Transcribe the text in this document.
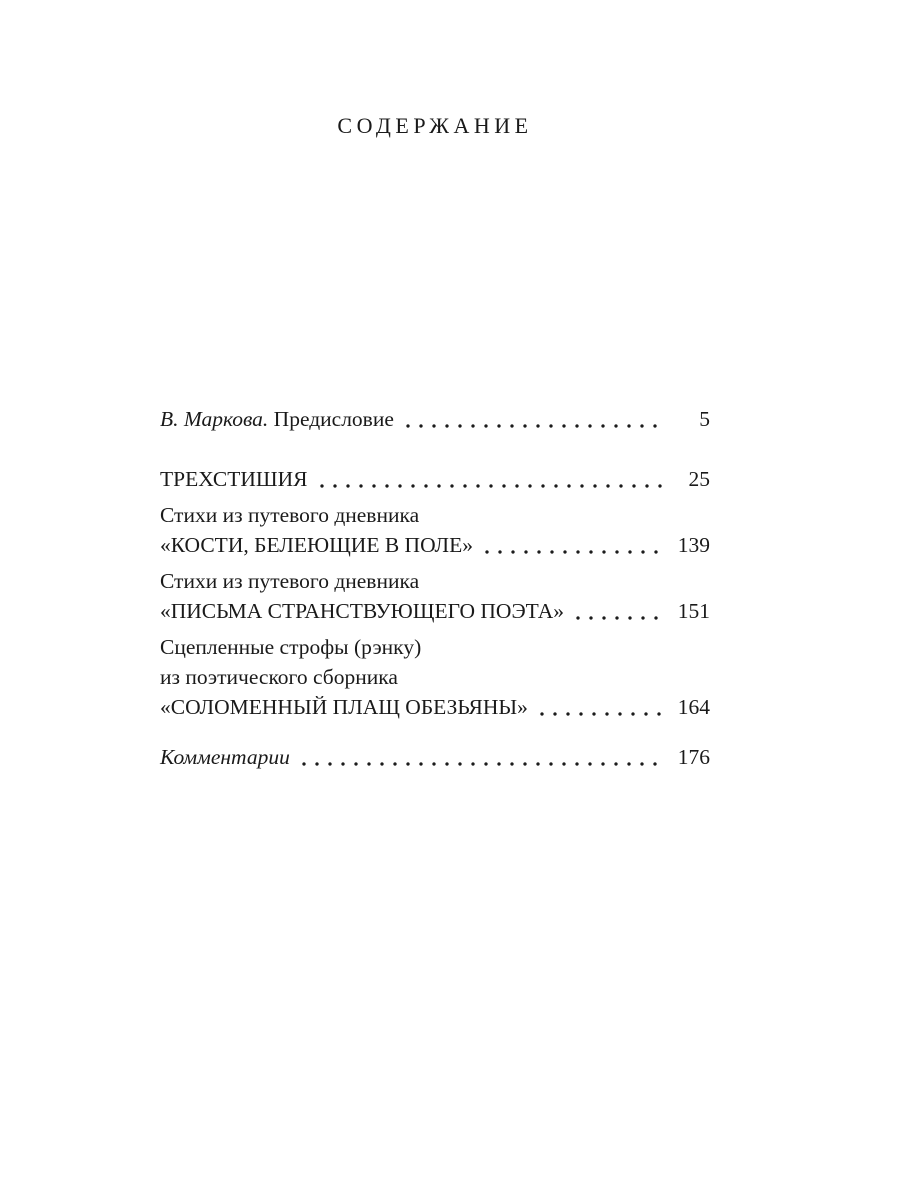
СОДЕРЖАНИЕ
В. Маркова. Предисловие	5
ТРЕХСТИШИЯ	25
Стихи из путевого дневника
«КОСТИ, БЕЛЕЮЩИЕ В ПОЛЕ»	139
Стихи из путевого дневника
«ПИСЬМА СТРАНСТВУЮЩЕГО ПОЭТА»	151
Сцепленные строфы (рэнку)
из поэтического сборника
«СОЛОМЕННЫЙ ПЛАЩ ОБЕЗЬЯНЫ»	164
Комментарии	176
